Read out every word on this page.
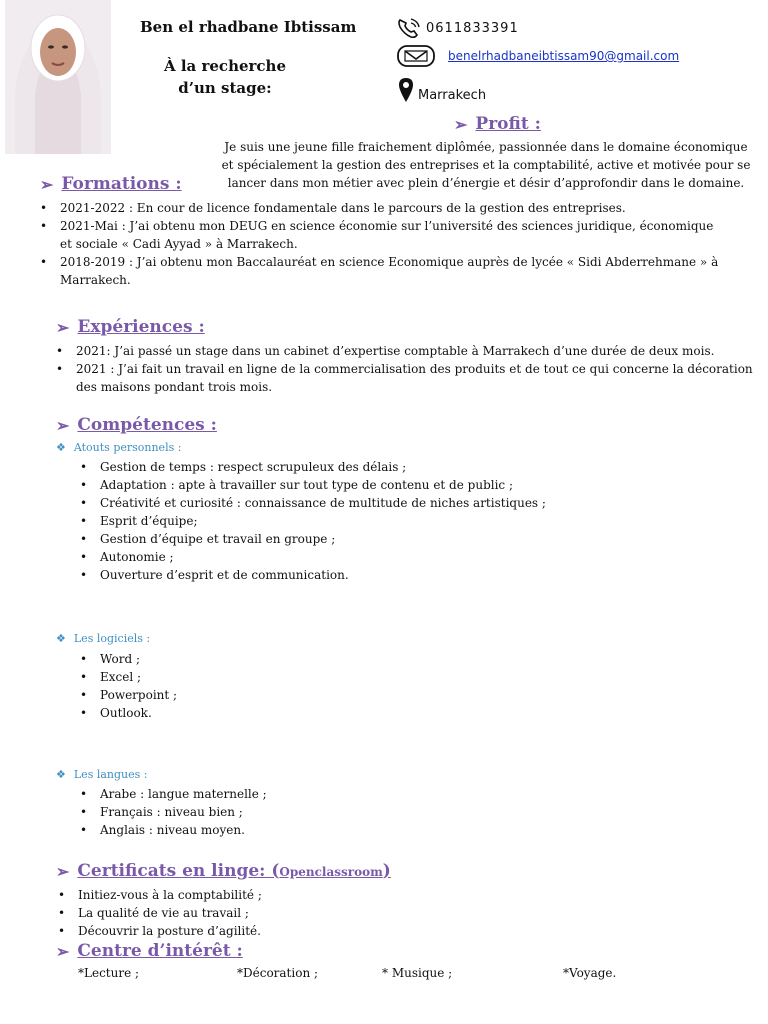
Ben el rhadbane Ibtissam
À la recherche
d’un stage:
0611833391
benelrhadbaneibtissam90@gmail.com
Marrakech
➢ Profit :
Je suis une jeune fille fraichement diplômée, passionnée dans le domaine économique et spécialement la gestion des entreprises et la comptabilité, active et motivée pour se lancer dans mon métier avec plein d’énergie et désir d’approfondir dans le domaine.
➢ Formations :
• 2021-2022 : En cour de licence fondamentale dans le parcours de la gestion des entreprises.
• 2021-Mai : J’ai obtenu mon DEUG en science économie sur l’université des sciences juridique, économique et sociale « Cadi Ayyad » à Marrakech.
• 2018-2019 : J’ai obtenu mon Baccalauréat en science Economique auprès de lycée « Sidi Abderrehmane » à Marrakech.
➢ Expériences :
• 2021: J’ai passé un stage dans un cabinet d’expertise comptable à Marrakech d’une durée de deux mois.
• 2021 : J’ai fait un travail en ligne de la commercialisation des produits et de tout ce qui concerne la décoration des maisons pondant trois mois.
➢ Compétences :
❖ Atouts personnels :
• Gestion de temps : respect scrupuleux des délais ;
• Adaptation : apte à travailler sur tout type de contenu et de public ;
• Créativité et curiosité : connaissance de multitude de niches artistiques ;
• Esprit d’équipe;
• Gestion d’équipe et travail en groupe ;
• Autonomie ;
• Ouverture d’esprit et de communication.
❖ Les logiciels :
• Word ;
• Excel ;
• Powerpoint ;
• Outlook.
❖ Les langues :
• Arabe : langue maternelle ;
• Français : niveau bien ;
• Anglais : niveau moyen.
➢ Certificats en linge: (Openclassroom)
• Initiez-vous à la comptabilité ;
• La qualité de vie au travail ;
• Découvrir la posture d’agilité.
➢ Centre d’intérêt :
*Lecture ;	*Décoration ;	* Musique ;	*Voyage.
